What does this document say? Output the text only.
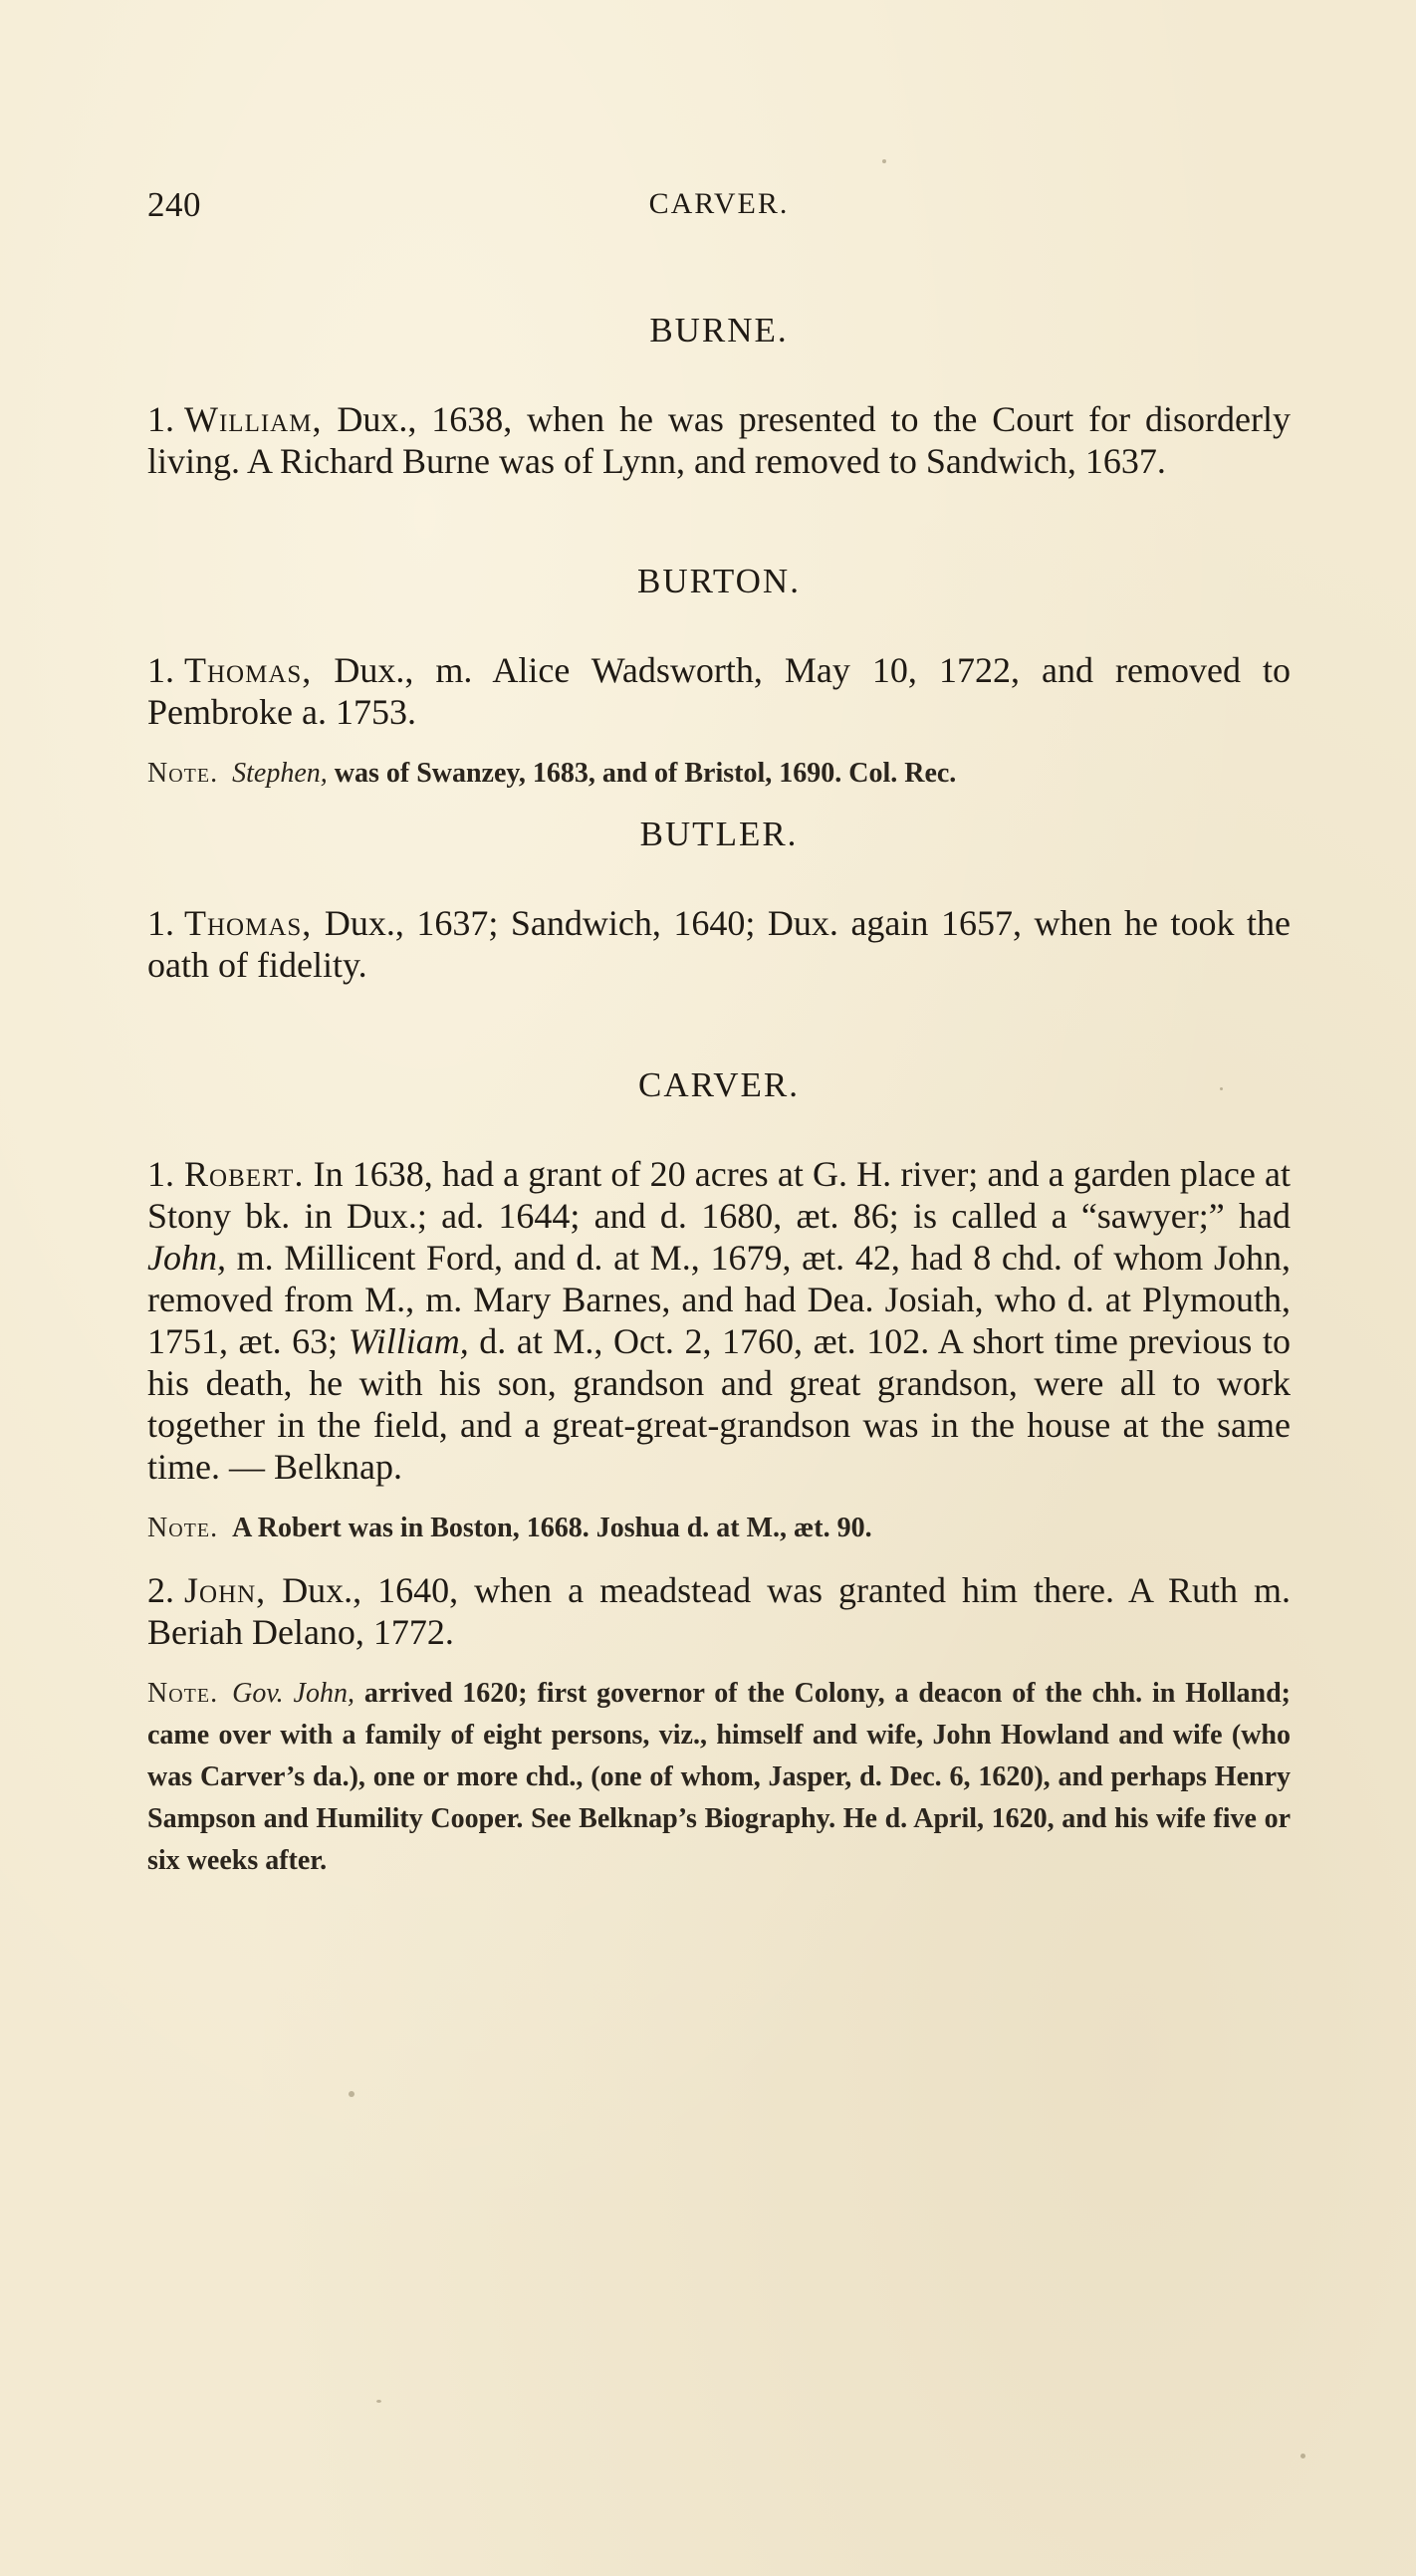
240	CARVER.
BURNE.

1. William, Dux., 1638, when he was presented to the Court for disorderly living. A Richard Burne was of Lynn, and removed to Sandwich, 1637.

BURTON.

1. Thomas, Dux., m. Alice Wadsworth, May 10, 1722, and removed to Pembroke a. 1753.

Note. Stephen, was of Swanzey, 1683, and of Bristol, 1690. Col. Rec.

BUTLER.

1. Thomas, Dux., 1637; Sandwich, 1640; Dux. again 1657, when he took the oath of fidelity.

CARVER.

1. Robert. In 1638, had a grant of 20 acres at G. H. river; and a garden place at Stony bk. in Dux.; ad. 1644; and d. 1680, æt. 86; is called a “sawyer;” had John, m. Millicent Ford, and d. at M., 1679, æt. 42, had 8 chd. of whom John, removed from M., m. Mary Barnes, and had Dea. Josiah, who d. at Plymouth, 1751, æt. 63; William, d. at M., Oct. 2, 1760, æt. 102. A short time previous to his death, he with his son, grandson and great grandson, were all to work together in the field, and a great-great-grandson was in the house at the same time. — Belknap.

Note. A Robert was in Boston, 1668. Joshua d. at M., æt. 90.

2. John, Dux., 1640, when a meadstead was granted him there. A Ruth m. Beriah Delano, 1772.

Note. Gov. John, arrived 1620; first governor of the Colony, a deacon of the chh. in Holland; came over with a family of eight persons, viz., himself and wife, John Howland and wife (who was Carver’s da.), one or more chd., (one of whom, Jasper, d. Dec. 6, 1620), and perhaps Henry Sampson and Humility Cooper. See Belknap’s Biography. He d. April, 1620, and his wife five or six weeks after.
